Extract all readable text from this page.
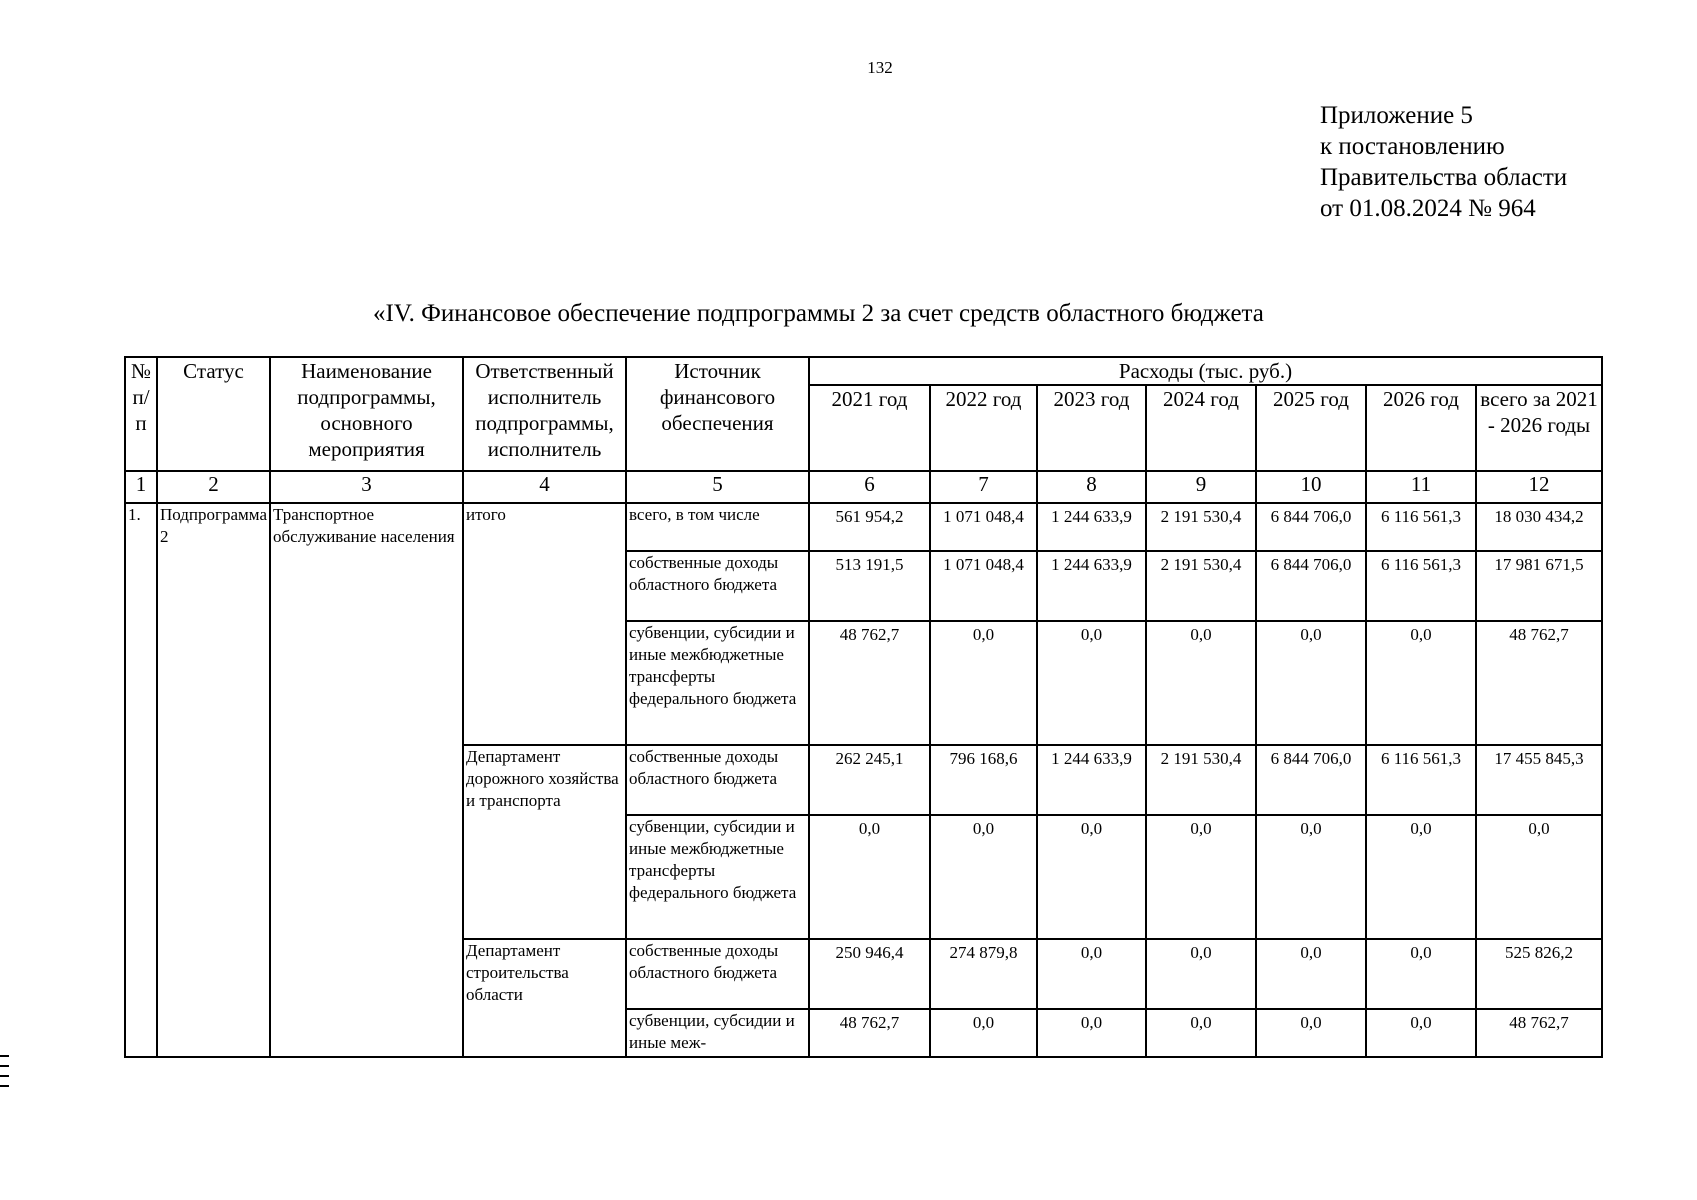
132
Приложение 5
к постановлению
Правительства области
от 01.08.2024 № 964
«IV. Финансовое обеспечение подпрограммы 2 за счет средств областного бюджета
№ п/п	Статус	Наименование подпрограммы, основного мероприятия	Ответственный исполнитель подпрограммы, исполнитель	Источник финансового обеспечения	Расходы (тыс. руб.)						
					2021 год	2022 год	2023 год	2024 год	2025 год	2026 год	всего за 2021 - 2026 годы
1	2	3	4	5	6	7	8	9	10	11	12
1.	Подпрограмма 2	Транспортное обслуживание населения	итого	всего, в том числе	561 954,2	1 071 048,4	1 244 633,9	2 191 530,4	6 844 706,0	6 116 561,3	18 030 434,2
				собственные доходы областного бюджета	513 191,5	1 071 048,4	1 244 633,9	2 191 530,4	6 844 706,0	6 116 561,3	17 981 671,5
				субвенции, субсидии и иные межбюджетные трансферты федерального бюджета	48 762,7	0,0	0,0	0,0	0,0	0,0	48 762,7
			Департамент дорожного хозяйства и транспорта	собственные доходы областного бюджета	262 245,1	796 168,6	1 244 633,9	2 191 530,4	6 844 706,0	6 116 561,3	17 455 845,3
				субвенции, субсидии и иные межбюджетные трансферты федерального бюджета	0,0	0,0	0,0	0,0	0,0	0,0	0,0
			Департамент строительства области	собственные доходы областного бюджета	250 946,4	274 879,8	0,0	0,0	0,0	0,0	525 826,2
				субвенции, субсидии и иные меж-	48 762,7	0,0	0,0	0,0	0,0	0,0	48 762,7
